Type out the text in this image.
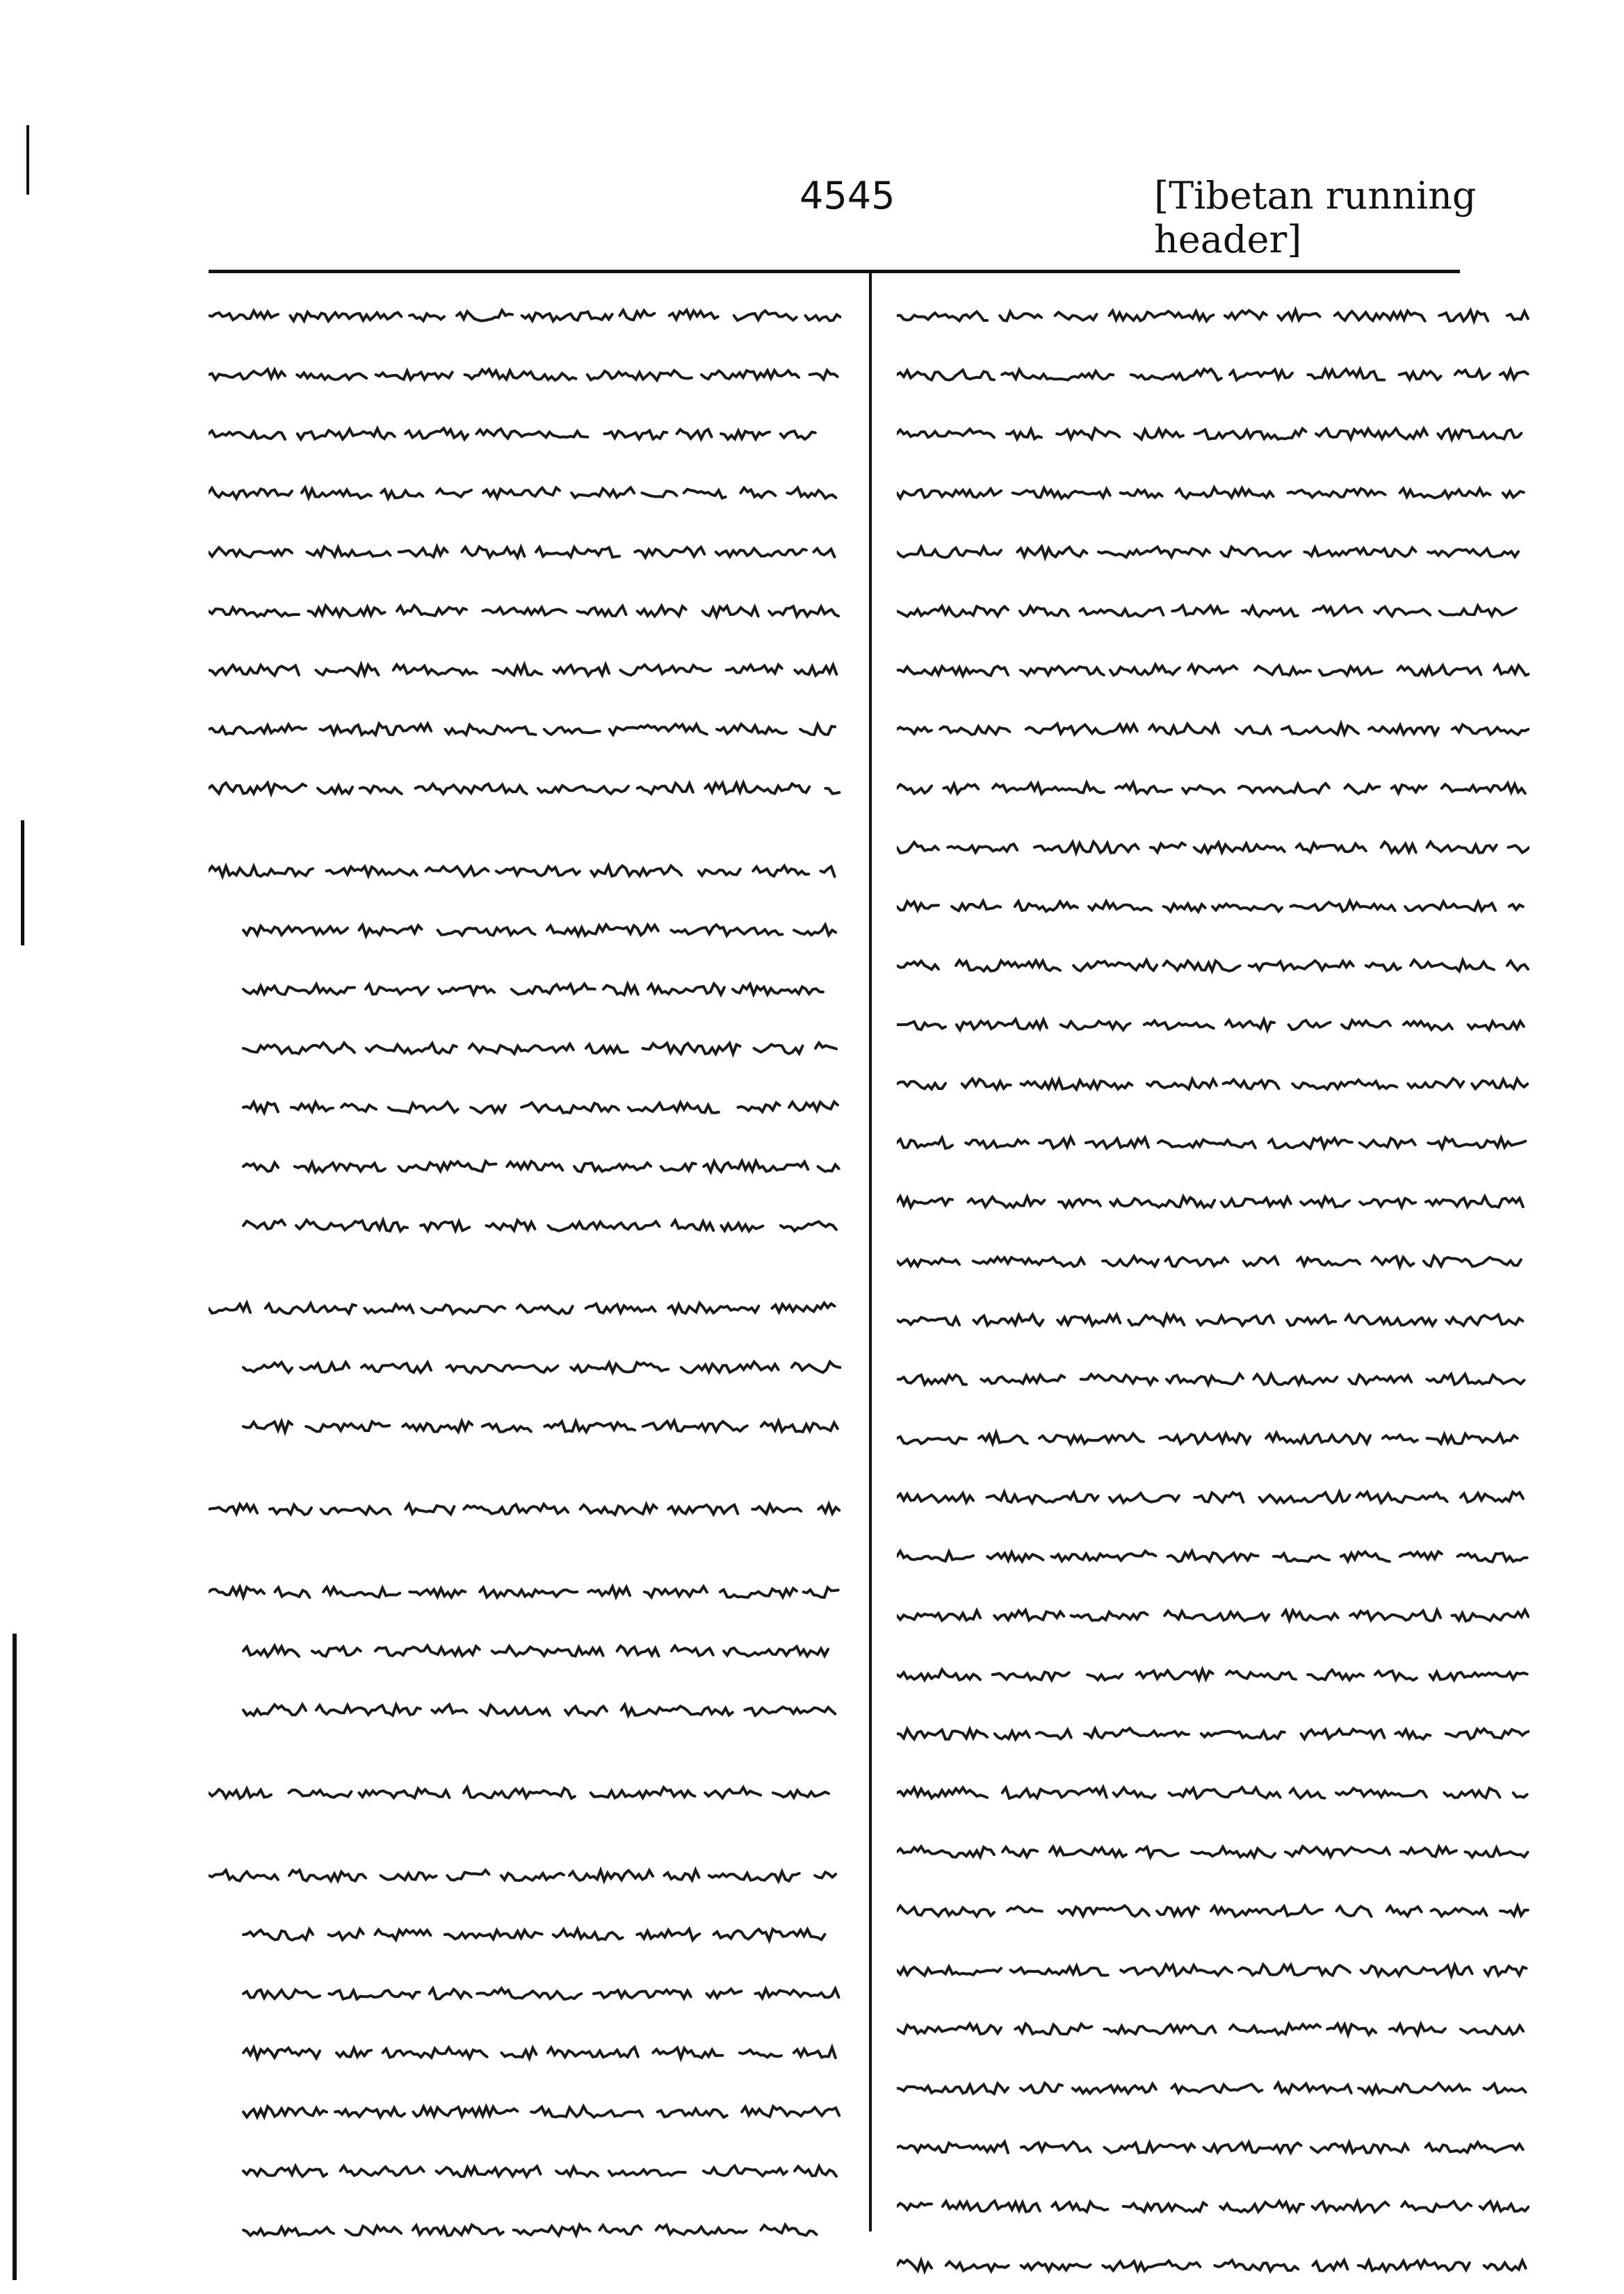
4545	[Tibetan running header]
